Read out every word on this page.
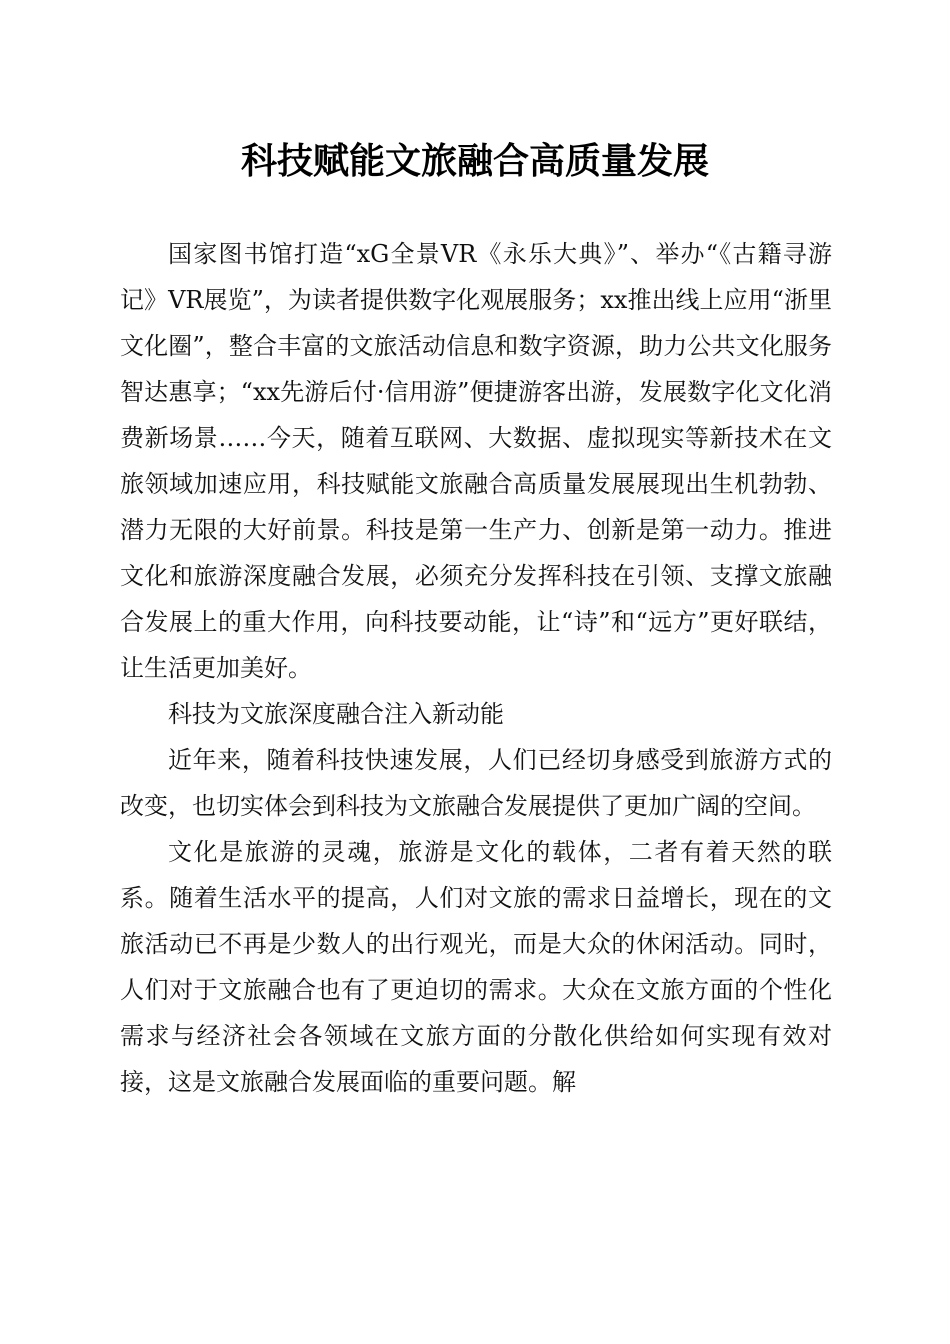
科技赋能文旅融合高质量发展

国家图书馆打造“xG全景VR《永乐大典》”、举办“《古籍寻游记》VR展览”，为读者提供数字化观展服务；xx推出线上应用“浙里文化圈”，整合丰富的文旅活动信息和数字资源，助力公共文化服务智达惠享；“xx先游后付·信用游”便捷游客出游，发展数字化文化消费新场景……今天，随着互联网、大数据、虚拟现实等新技术在文旅领域加速应用，科技赋能文旅融合高质量发展展现出生机勃勃、潜力无限的大好前景。科技是第一生产力、创新是第一动力。推进文化和旅游深度融合发展，必须充分发挥科技在引领、支撑文旅融合发展上的重大作用，向科技要动能，让“诗”和“远方”更好联结，让生活更加美好。

科技为文旅深度融合注入新动能

近年来，随着科技快速发展，人们已经切身感受到旅游方式的改变，也切实体会到科技为文旅融合发展提供了更加广阔的空间。

文化是旅游的灵魂，旅游是文化的载体，二者有着天然的联系。随着生活水平的提高，人们对文旅的需求日益增长，现在的文旅活动已不再是少数人的出行观光，而是大众的休闲活动。同时，人们对于文旅融合也有了更迫切的需求。大众在文旅方面的个性化需求与经济社会各领域在文旅方面的分散化供给如何实现有效对接，这是文旅融合发展面临的重要问题。解
